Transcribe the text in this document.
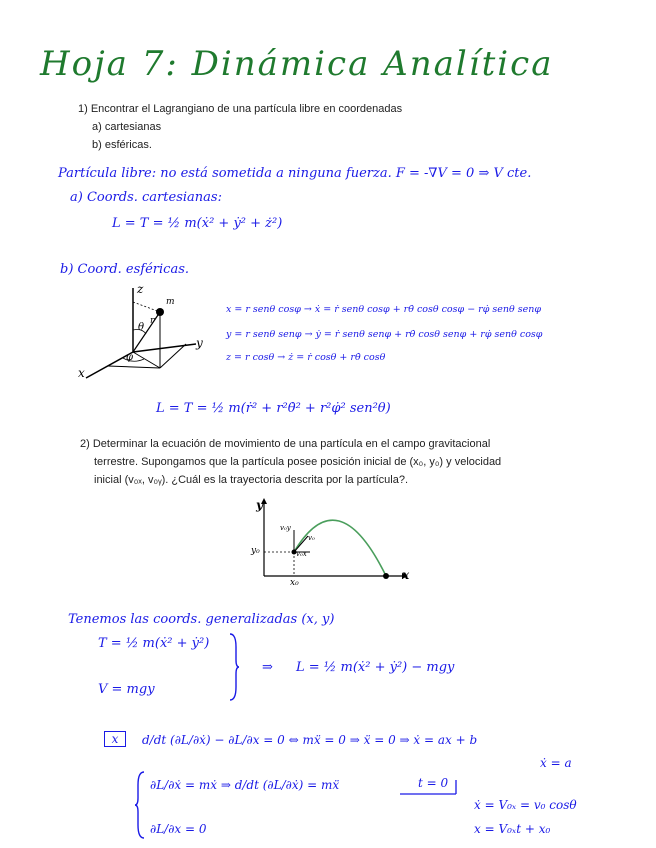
Hoja 7: Dinámica Analítica
1) Encontrar el Lagrangiano de una partícula libre en coordenadas
a) cartesianas
b) esféricas.
Partícula libre: no está sometida a ninguna fuerza. F = -∇V = 0 ⇒ V cte.
a) Coords. cartesianas:
L = T = ½ m(ẋ² + ẏ² + ż²)
b) Coord. esféricas.
z
m
θ
r
y
x
φ
x = r senθ cosφ → ẋ = ṙ senθ cosφ + rθ̇ cosθ cosφ − rφ̇ senθ senφ
y = r senθ senφ → ẏ = ṙ senθ senφ + rθ̇ cosθ senφ + rφ̇ senθ cosφ
z = r cosθ → ż = ṙ cosθ + rθ̇ cosθ
L = T = ½ m(ṙ² + r²θ̇² + r²φ̇² sen²θ)
2) Determinar la ecuación de movimiento de una partícula en el campo gravitacional
terrestre. Supongamos que la partícula posee posición inicial de (x₀, y₀) y velocidad
inicial (v₀ₓ, v₀ᵧ). ¿Cuál es la trayectoria descrita por la partícula?.
y
x
y₀
x₀
v₀y
v₀x
v₀
Tenemos las coords. generalizadas (x, y)
T = ½ m(ẋ² + ẏ²)
V = mgy
⇒ L = ½ m(ẋ² + ẏ²) − mgy
x	d/dt (∂L/∂ẋ) − ∂L/∂x = 0 ⇔ mẍ = 0 ⇒ ẍ = 0 ⇒ ẋ = ax + b
ẋ = a
∂L/∂ẋ = mẋ ⇒ d/dt (∂L/∂ẋ) = mẍ
∂L/∂x = 0
t = 0
ẋ = V₀ₓ = v₀ cosθ
x = V₀ₓt + x₀
